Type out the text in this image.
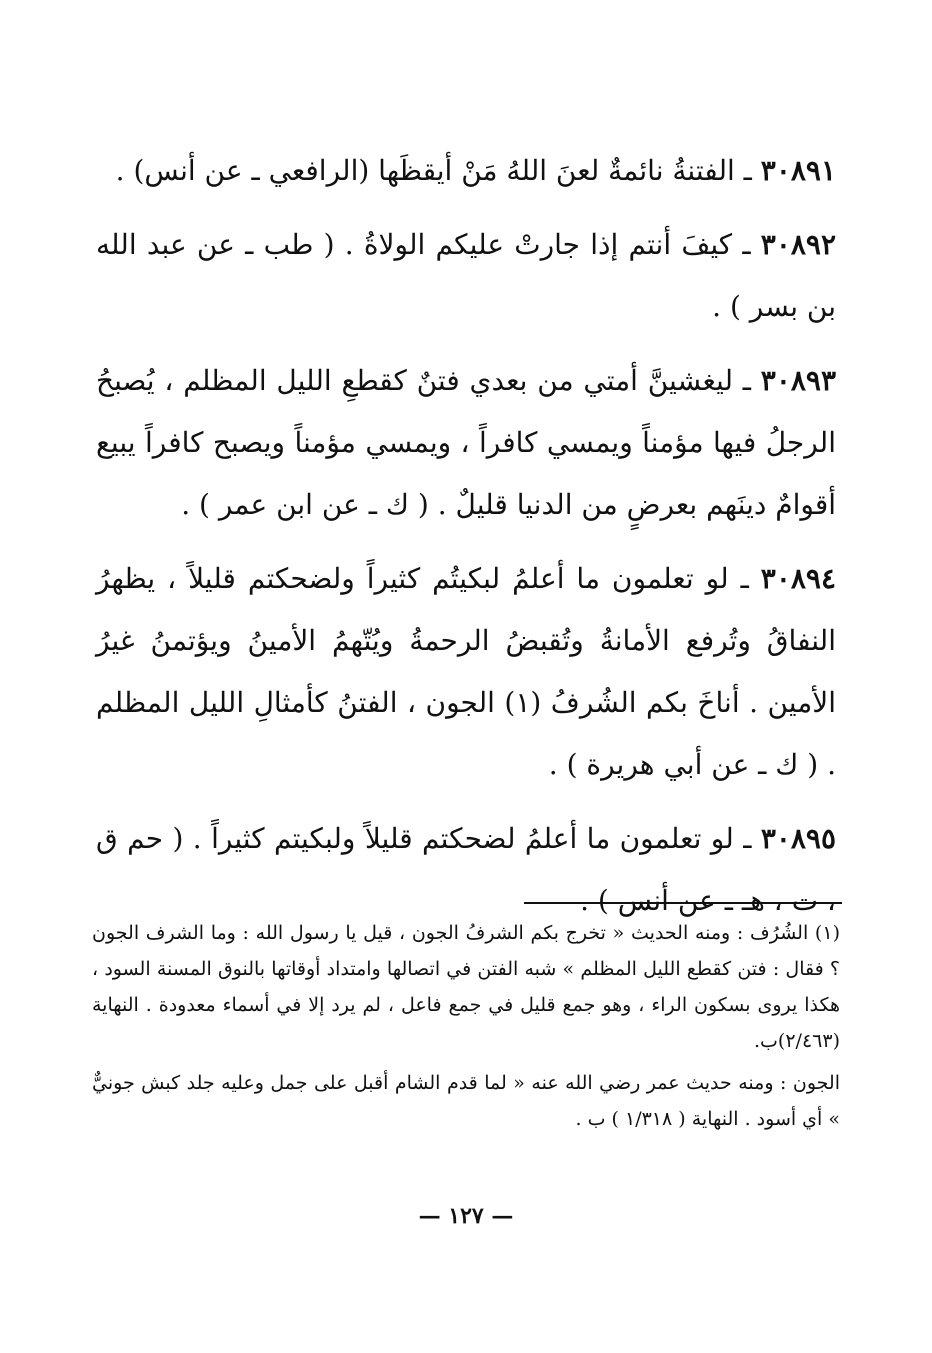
٣٠٨٩١ ـ الفتنةُ نائمةٌ لعنَ اللهُ مَنْ أيقظَها (الرافعي ـ عن أنس) .

٣٠٨٩٢ ـ كيفَ أنتم إذا جارتْ عليكم الولاةُ . ( طب ـ عن عبد الله بن بسر ) .

٣٠٨٩٣ ـ ليغشينَّ أمتي من بعدي فتنٌ كقطعِ الليل المظلم ، يُصبحُ الرجلُ فيها مؤمناً ويمسي كافراً ، ويمسي مؤمناً ويصبح كافراً يبيع أقوامٌ دينَهم بعرضٍ من الدنيا قليلٌ . ( ك ـ عن ابن عمر ) .

٣٠٨٩٤ ـ لو تعلمون ما أعلمُ لبكيتُم كثيراً ولضحكتم قليلاً ، يظهرُ النفاقُ وتُرفع الأمانةُ وتُقبضُ الرحمةُ ويُتّهمُ الأمينُ ويؤتمنُ غيرُ الأمين . أناخَ بكم الشُرفُ (١) الجون ، الفتنُ كأمثالِ الليل المظلم . ( ك ـ عن أبي هريرة ) .

٣٠٨٩٥ ـ لو تعلمون ما أعلمُ لضحكتم قليلاً ولبكيتم كثيراً . ( حم ق ، ت ، هـ ـ عن أنس ) .

(١) الشُرُف : ومنه الحديث « تخرج بكم الشرفُ الجون ، قيل يا رسول الله : وما الشرف الجون ؟ فقال : فتن كقطع الليل المظلم » شبه الفتن في اتصالها وامتداد أوقاتها بالنوق المسنة السود ، هكذا يروى بسكون الراء ، وهو جمع قليل في جمع فاعل ، لم يرد إلا في أسماء معدودة . النهاية (٢/٤٦٣)ب.

الجون : ومنه حديث عمر رضي الله عنه « لما قدم الشام أقبل على جمل وعليه جلد كبش جونيٌّ » أي أسود . النهاية ( ١/٣١٨ ) ب .

— ١٢٧ —
